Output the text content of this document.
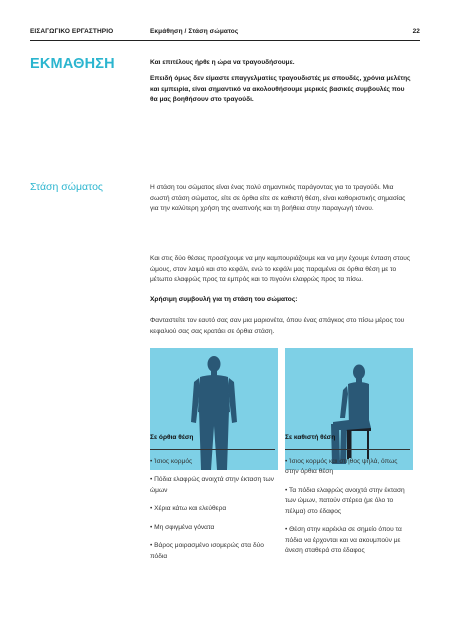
ΕΙΣΑΓΩΓΙΚΟ ΕΡΓΑΣΤΗΡΙΟ	Εκμάθηση / Στάση σώματος	22
ΕΚΜΑΘΗΣΗ	Και επιτέλους ήρθε η ώρα να τραγουδήσουμε.
Επειδή όμως δεν είμαστε επαγγελματίες τραγουδιστές με σπουδές, χρόνια μελέτης και εμπειρία, είναι σημαντικό να ακολουθήσουμε μερικές βασικές συμβουλές που θα μας βοηθήσουν στο τραγούδι.
Στάση σώματος	Η στάση του σώματος είναι ένας πολύ σημαντικός παράγοντας για το τραγούδι. Μια σωστή στάση σώματος, είτε σε όρθια είτε σε καθιστή θέση, είναι καθοριστικής σημασίας για την καλύτερη χρήση της αναπνοής και τη βοήθεια στην παραγωγή τόνου.
Και στις δύο θέσεις προσέχουμε να μην καμπουριάζουμε και να μην έχουμε ένταση στους ώμους, στον λαιμό και στο κεφάλι, ενώ το κεφάλι μας παραμένει σε όρθια θέση με το μέτωπο ελαφρώς προς τα εμπρός και το πιγούνι ελαφρώς προς τα πίσω.
Χρήσιμη συμβουλή για τη στάση του σώματος:
Φανταστείτε τον εαυτό σας σαν μια μαριονέτα, όπου ένας σπάγκος στο πίσω μέρος του κεφαλιού σας σας κρατάει σε όρθια στάση.
Σε όρθια θέση
• Ίσιος κορμός
• Πόδια ελαφρώς ανοιχτά στην έκταση των ώμων
• Χέρια κάτω και ελεύθερα
• Μη σφιγμένα γόνατα
• Βάρος μοιρασμένο ισομερώς στα δύο πόδια
Σε καθιστή θέση
• Ίσιος κορμός και στήθος ψηλά, όπως στην όρθια θέση
• Τα πόδια ελαφρώς ανοιχτά στην έκταση των ώμων, πατούν στέρεα (με όλο το πέλμα) στο έδαφος
• Θέση στην καρέκλα σε σημείο όπου τα πόδια να έρχονται και να ακουμπούν με άνεση σταθερά στο έδαφος
